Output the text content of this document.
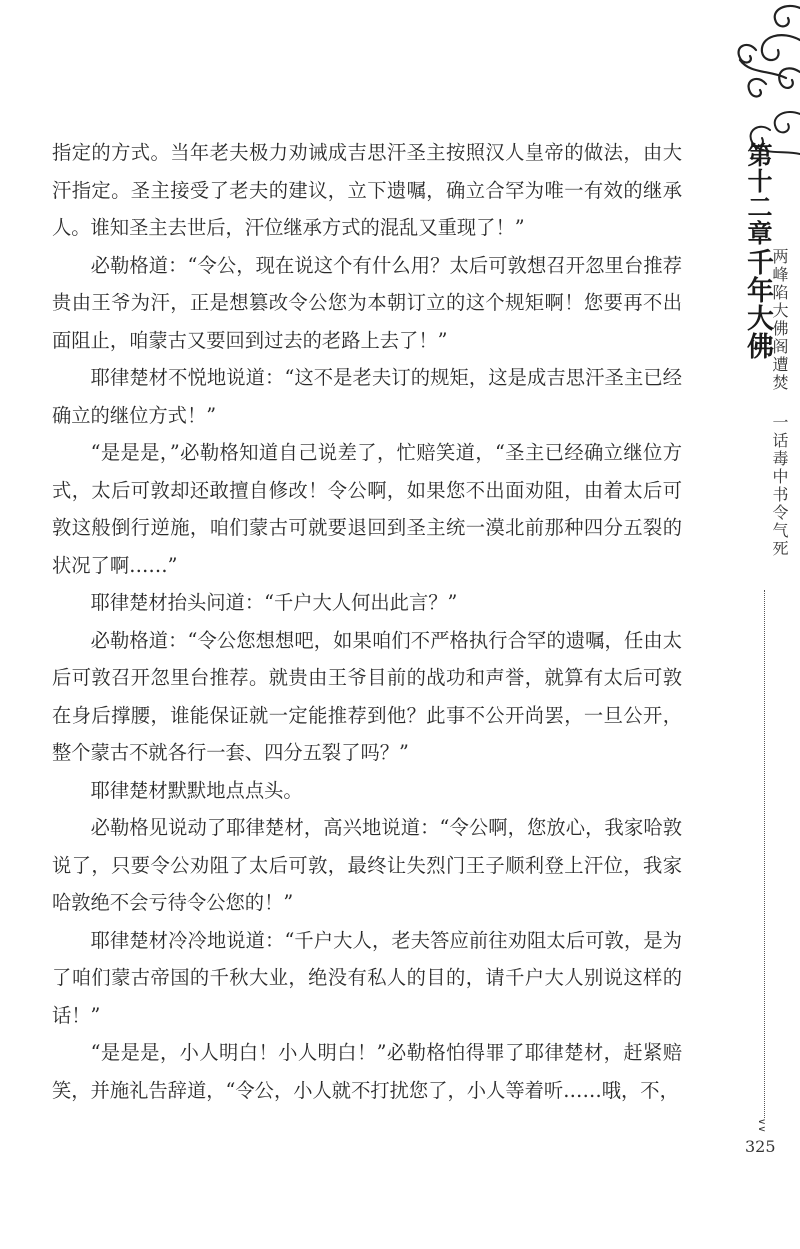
第十二章
千年大佛
两峰陷大佛阁遭焚
一话毒中书令气死
∨∨
325

指定的方式。当年老夫极力劝诫成吉思汗圣主按照汉人皇帝的做法，由大汗指定。圣主接受了老夫的建议，立下遗嘱，确立合罕为唯一有效的继承人。谁知圣主去世后，汗位继承方式的混乱又重现了！”

必勒格道：“令公，现在说这个有什么用？太后可敦想召开忽里台推荐贵由王爷为汗，正是想篡改令公您为本朝订立的这个规矩啊！您要再不出面阻止，咱蒙古又要回到过去的老路上去了！”

耶律楚材不悦地说道：“这不是老夫订的规矩，这是成吉思汗圣主已经确立的继位方式！”

“是是是，”必勒格知道自己说差了，忙赔笑道，“圣主已经确立继位方式，太后可敦却还敢擅自修改！令公啊，如果您不出面劝阻，由着太后可敦这般倒行逆施，咱们蒙古可就要退回到圣主统一漠北前那种四分五裂的状况了啊……”

耶律楚材抬头问道：“千户大人何出此言？”

必勒格道：“令公您想想吧，如果咱们不严格执行合罕的遗嘱，任由太后可敦召开忽里台推荐。就贵由王爷目前的战功和声誉，就算有太后可敦在身后撑腰，谁能保证就一定能推荐到他？此事不公开尚罢，一旦公开，整个蒙古不就各行一套、四分五裂了吗？”

耶律楚材默默地点点头。

必勒格见说动了耶律楚材，高兴地说道：“令公啊，您放心，我家哈敦说了，只要令公劝阻了太后可敦，最终让失烈门王子顺利登上汗位，我家哈敦绝不会亏待令公您的！”

耶律楚材冷冷地说道：“千户大人，老夫答应前往劝阻太后可敦，是为了咱们蒙古帝国的千秋大业，绝没有私人的目的，请千户大人别说这样的话！”

“是是是，小人明白！小人明白！”必勒格怕得罪了耶律楚材，赶紧赔笑，并施礼告辞道，“令公，小人就不打扰您了，小人等着听……哦，不，
